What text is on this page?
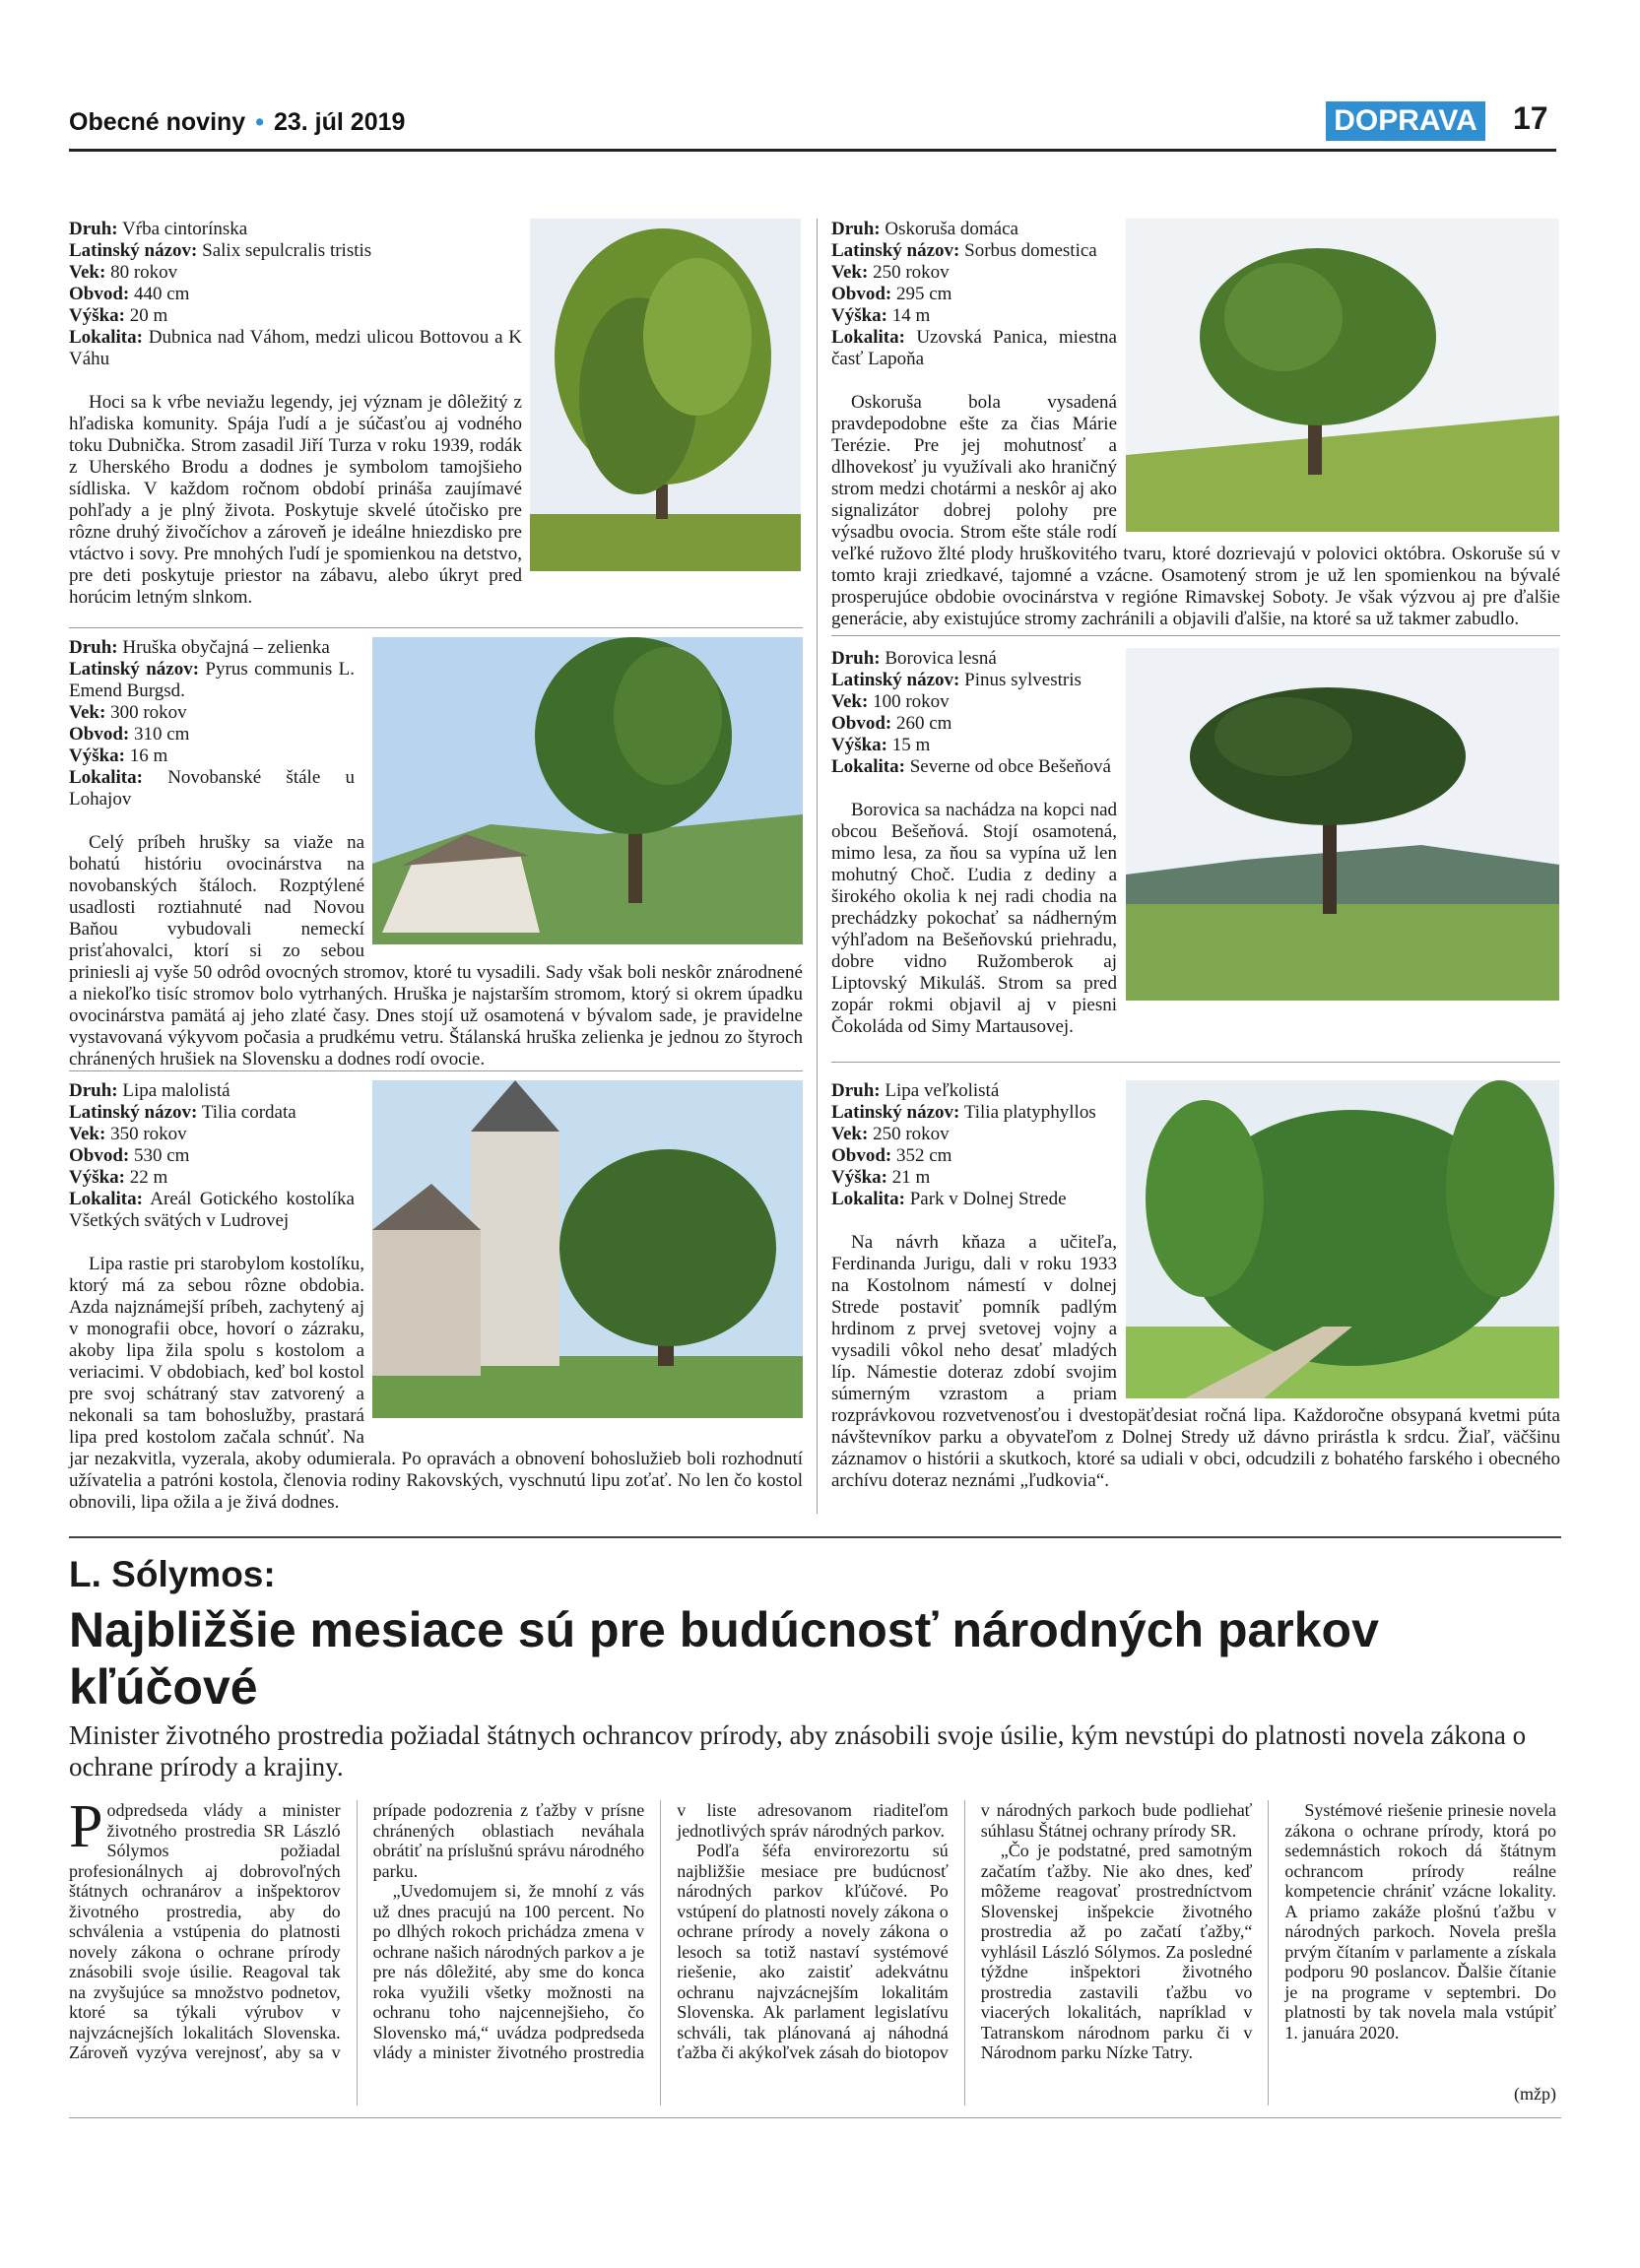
Obecné noviny • 23. júl 2019	DOPRAVA 17
Druh: Vŕba cintorínska
Latinský názov: Salix sepulcralis tristis
Vek: 80 rokov
Obvod: 440 cm
Výška: 20 m
Lokalita: Dubnica nad Váhom, medzi ulicou Bottovou a K Váhu

Hoci sa k vŕbe neviažu legendy, jej význam je dôležitý z hľadiska komunity. Spája ľudí a je súčasťou aj vodného toku Dubnička. Strom zasadil Jiří Turza v roku 1939, rodák z Uherského Brodu a dodnes je symbolom tamojšieho sídliska. V každom ročnom období prináša zaujímavé pohľady a je plný života. Poskytuje skvelé útočisko pre rôzne druhý živočíchov a zároveň je ideálne hniezdisko pre vtáctvo i sovy. Pre mnohých ľudí je spomienkou na detstvo, pre deti poskytuje priestor na zábavu, alebo úkryt pred horúcim letným slnkom.

Druh: Hruška obyčajná – zelienka
Latinský názov: Pyrus communis L. Emend Burgsd.
Vek: 300 rokov
Obvod: 310 cm
Výška: 16 m
Lokalita: Novobanské štále u Lohajov

Celý príbeh hrušky sa viaže na bohatú históriu ovocinárstva na novobanských štáloch. Rozptýlené usadlosti roztiahnuté nad Novou Baňou vybudovali nemeckí prisťahovalci, ktorí si zo sebou priniesli aj vyše 50 odrôd ovocných stromov, ktoré tu vysadili. Sady však boli neskôr znárodnené a niekoľko tisíc stromov bolo vytrhaných. Hruška je najstarším stromom, ktorý si okrem úpadku ovocinárstva pamätá aj jeho zlaté časy. Dnes stojí už osamotená v bývalom sade, je pravidelne vystavovaná výkyvom počasia a prudkému vetru. Štálanská hruška zelienka je jednou zo štyroch chránených hrušiek na Slovensku a dodnes rodí ovocie.

Druh: Lipa malolistá
Latinský názov: Tilia cordata
Vek: 350 rokov
Obvod: 530 cm
Výška: 22 m
Lokalita: Areál Gotického kostolíka Všetkých svätých v Ludrovej

Lipa rastie pri starobylom kostolíku, ktorý má za sebou rôzne obdobia. Azda najznámejší príbeh, zachytený aj v monografii obce, hovorí o zázraku, akoby lipa žila spolu s kostolom a veriacimi. V obdobiach, keď bol kostol pre svoj schátraný stav zatvorený a nekonali sa tam bohoslužby, prastará lipa pred kostolom začala schnúť. Na jar nezakvitla, vyzerala, akoby odumierala. Po opravách a obnovení bohoslužieb boli rozhodnutí užívatelia a patróni kostola, členovia rodiny Rakovských, vyschnutú lipu zoťať. No len čo kostol obnovili, lipa ožila a je živá dodnes.

Druh: Oskoruša domáca
Latinský názov: Sorbus domestica
Vek: 250 rokov
Obvod: 295 cm
Výška: 14 m
Lokalita: Uzovská Panica, miestna časť Lapoňa

Oskoruša bola vysadená pravdepodobne ešte za čias Márie Terézie. Pre jej mohutnosť a dlhovekosť ju využívali ako hraničný strom medzi chotármi a neskôr aj ako signalizátor dobrej polohy pre výsadbu ovocia. Strom ešte stále rodí veľké ružovo žlté plody hruškovitého tvaru, ktoré dozrievajú v polovici októbra. Oskoruše sú v tomto kraji zriedkavé, tajomné a vzácne. Osamotený strom je už len spomienkou na bývalé prosperujúce obdobie ovocinárstva v regióne Rimavskej Soboty. Je však výzvou aj pre ďalšie generácie, aby existujúce stromy zachránili a objavili ďalšie, na ktoré sa už takmer zabudlo.

Druh: Borovica lesná
Latinský názov: Pinus sylvestris
Vek: 100 rokov
Obvod: 260 cm
Výška: 15 m
Lokalita: Severne od obce Bešeňová

Borovica sa nachádza na kopci nad obcou Bešeňová. Stojí osamotená, mimo lesa, za ňou sa vypína už len mohutný Choč. Ľudia z dediny a širokého okolia k nej radi chodia na prechádzky pokochať sa nádherným výhľadom na Bešeňovskú priehradu, dobre vidno Ružomberok aj Liptovský Mikuláš. Strom sa pred zopár rokmi objavil aj v piesni Čokoláda od Simy Martausovej.

Druh: Lipa veľkolistá
Latinský názov: Tilia platyphyllos
Vek: 250 rokov
Obvod: 352 cm
Výška: 21 m
Lokalita: Park v Dolnej Strede

Na návrh kňaza a učiteľa, Ferdinanda Jurigu, dali v roku 1933 na Kostolnom námestí v dolnej Strede postaviť pomník padlým hrdinom z prvej svetovej vojny a vysadili vôkol neho desať mladých líp. Námestie doteraz zdobí svojim súmerným vzrastom a priam rozprávkovou rozvetvenosťou i dvestopäťdesiat ročná lipa. Každoročne obsypaná kvetmi púta návštevníkov parku a obyvateľom z Dolnej Stredy už dávno prirástla k srdcu. Žiaľ, väčšinu záznamov o histórii a skutkoch, ktoré sa udiali v obci, odcudzili z bohatého farského i obecného archívu doteraz neznámi „ľudkovia“.

L. Sólymos:
Najbližšie mesiace sú pre budúcnosť národných parkov kľúčové
Minister životného prostredia požiadal štátnych ochrancov prírody, aby znásobili svoje úsilie, kým nevstúpi do platnosti novela zákona o ochrane prírody a krajiny.

Podpredseda vlády a minister životného prostredia SR László Sólymos požiadal profesionálnych aj dobrovoľných štátnych ochranárov a inšpektorov životného prostredia, aby do schválenia a vstúpenia do platnosti novely zákona o ochrane prírody znásobili svoje úsilie. Reagoval tak na zvyšujúce sa množstvo podnetov, ktoré sa týkali výrubov v najvzácnejších lokalitách Slovenska. Zároveň vyzýva verejnosť, aby sa v prípade podozrenia z ťažby v prísne chránených oblastiach neváhala obrátiť na príslušnú správu národného parku.

„Uvedomujem si, že mnohí z vás už dnes pracujú na 100 percent. No po dlhých rokoch prichádza zmena v ochrane našich národných parkov a je pre nás dôležité, aby sme do konca roka využili všetky možnosti na ochranu toho najcennejšieho, čo Slovensko má,“ uvádza podpredseda vlády a minister životného prostredia v liste adresovanom riaditeľom jednotlivých správ národných parkov.

Podľa šéfa envirorezortu sú najbližšie mesiace pre budúcnosť národných parkov kľúčové. Po vstúpení do platnosti novely zákona o ochrane prírody a novely zákona o lesoch sa totiž nastaví systémové riešenie, ako zaistiť adekvátnu ochranu najvzácnejším lokalitám Slovenska. Ak parlament legislatívu schváli, tak plánovaná aj náhodná ťažba či akýkoľvek zásah do biotopov v národných parkoch bude podliehať súhlasu Štátnej ochrany prírody SR.

„Čo je podstatné, pred samotným začatím ťažby. Nie ako dnes, keď môžeme reagovať prostredníctvom Slovenskej inšpekcie životného prostredia až po začatí ťažby,“ vyhlásil László Sólymos. Za posledné týždne inšpektori životného prostredia zastavili ťažbu vo viacerých lokalitách, napríklad v Tatranskom národnom parku či v Národnom parku Nízke Tatry.

Systémové riešenie prinesie novela zákona o ochrane prírody, ktorá po sedemnástich rokoch dá štátnym ochrancom prírody reálne kompetencie chrániť vzácne lokality. A priamo zakáže plošnú ťažbu v národných parkoch. Novela prešla prvým čítaním v parlamente a získala podporu 90 poslancov. Ďalšie čítanie je na programe v septembri. Do platnosti by tak novela mala vstúpiť 1. januára 2020.

(mžp)
